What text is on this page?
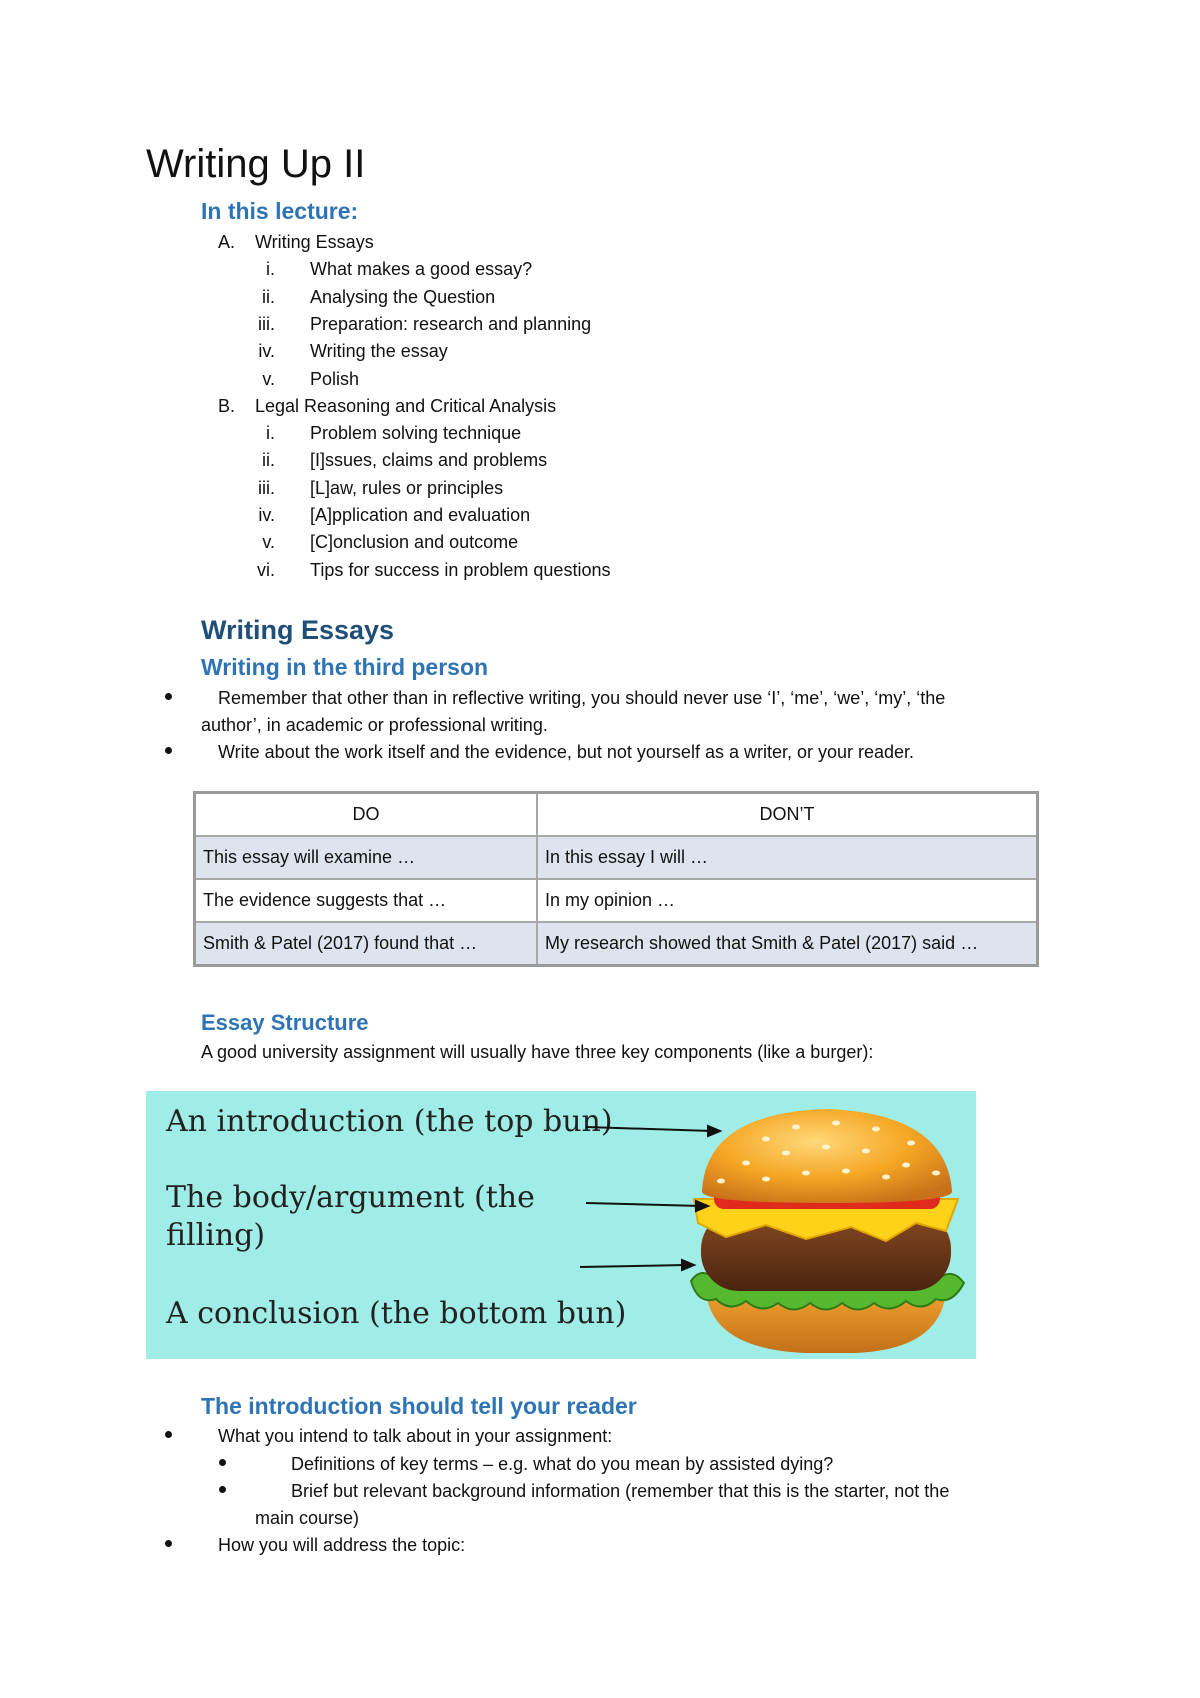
Writing Up II
In this lecture:
A. Writing Essays
i. What makes a good essay?
ii. Analysing the Question
iii. Preparation: research and planning
iv. Writing the essay
v. Polish
B. Legal Reasoning and Critical Analysis
i. Problem solving technique
ii. [I]ssues, claims and problems
iii. [L]aw, rules or principles
iv. [A]pplication and evaluation
v. [C]onclusion and outcome
vi. Tips for success in problem questions
Writing Essays
Writing in the third person
Remember that other than in reflective writing, you should never use ‘I’, ‘me’, ‘we’, ‘my’, ‘the
author’, in academic or professional writing.
Write about the work itself and the evidence, but not yourself as a writer, or your reader.
DO	DON’T
This essay will examine …	In this essay I will …
The evidence suggests that …	In my opinion …
Smith & Patel (2017) found that …	My research showed that Smith & Patel (2017) said …
Essay Structure
A good university assignment will usually have three key components (like a burger):
An introduction (the top bun)
The body/argument (the
filling)
A conclusion (the bottom bun)
The introduction should tell your reader
What you intend to talk about in your assignment:
Definitions of key terms – e.g. what do you mean by assisted dying?
Brief but relevant background information (remember that this is the starter, not the
main course)
How you will address the topic:
